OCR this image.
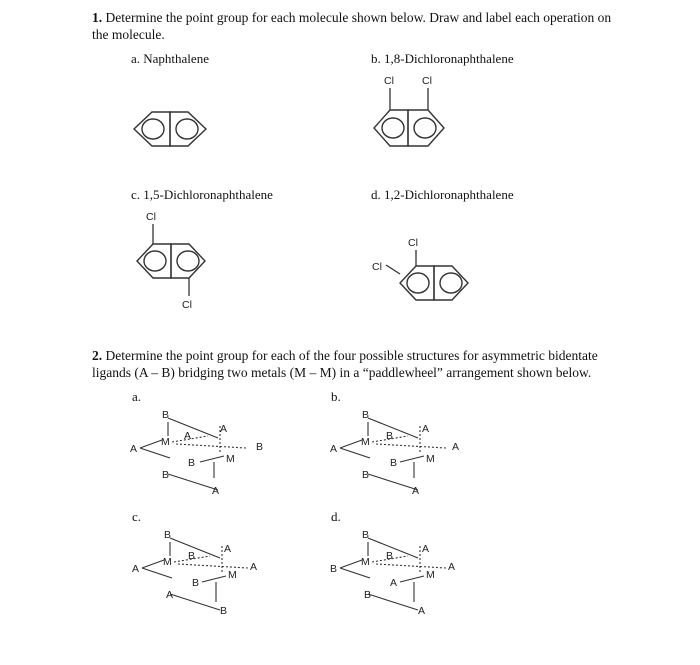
1. Determine the point group for each molecule shown below. Draw and label each operation on the molecule.
a. Naphthalene	b. 1,8-Dichloronaphthalene
c. 1,5-Dichloronaphthalene	d. 1,2-Dichloronaphthalene
Cl	Cl
Cl
Cl
Cl
Cl
2. Determine the point group for each of the four possible structures for asymmetric bidentate ligands (A – B) bridging two metals (M – M) in a “paddlewheel” arrangement shown below.
a.	b.
c.	d.
B
M A
A
A
B
M
B
B
A
B
M B
A
A
A
B	M
A
B
B
M B
A
A
A
B
M
A
B
B
M B
A
B	A
A
M
A
B
